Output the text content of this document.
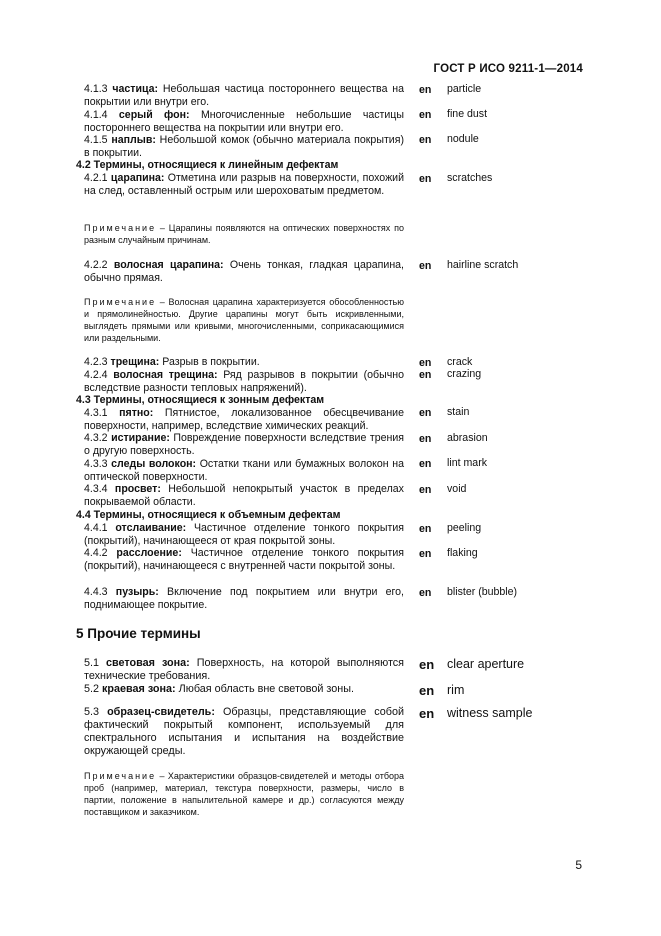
ГОСТ Р ИСО 9211-1—2014
4.1.3 частица: Небольшая частица постороннего вещества на покрытии или внутри его.
en particle
4.1.4 серый фон: Многочисленные небольшие частицы постороннего вещества на покрытии или внутри его.
en fine dust
4.1.5 наплыв: Небольшой комок (обычно материала покрытия) в покрытии.
en nodule
4.2 Термины, относящиеся к линейным дефектам
4.2.1 царапина: Отметина или разрыв на поверхности, похожий на след, оставленный острым или шероховатым предметом.
en scratches
Примечание – Царапины появляются на оптических поверхностях по разным случайным причинам.
4.2.2 волосная царапина: Очень тонкая, гладкая царапина, обычно прямая.
en hairline scratch
Примечание – Волосная царапина характеризуется обособленностью и прямолинейностью. Другие царапины могут быть искривленными, выглядеть прямыми или кривыми, многочисленными, соприкасающимися или раздельными.
4.2.3 трещина: Разрыв в покрытии.	en crack
4.2.4 волосная трещина: Ряд разрывов в покрытии (обычно вследствие разности тепловых напряжений).
en crazing
4.3 Термины, относящиеся к зонным дефектам
4.3.1 пятно: Пятнистое, локализованное обесцвечивание поверхности, например, вследствие химических реакций.
en stain
4.3.2 истирание: Повреждение поверхности вследствие трения о другую поверхность.
en abrasion
4.3.3 следы волокон: Остатки ткани или бумажных волокон на оптической поверхности.
en lint mark
4.3.4 просвет: Небольшой непокрытый участок в пределах покрываемой области.
en void
4.4 Термины, относящиеся к объемным дефектам
4.4.1 отслаивание: Частичное отделение тонкого покрытия (покрытий), начинающееся от края покрытой зоны.
en peeling
4.4.2 расслоение: Частичное отделение тонкого покрытия (покрытий), начинающееся с внутренней части покрытой зоны.
en flaking
4.4.3 пузырь: Включение под покрытием или внутри его, поднимающее покрытие.
en blister (bubble)
5 Прочие термины
5.1 световая зона: Поверхность, на которой выполняются технические требования.
en clear aperture
5.2 краевая зона: Любая область вне световой зоны.	en rim
5.3 образец-свидетель: Образцы, представляющие собой фактический покрытый компонент, используемый для спектрального испытания и испытания на воздействие окружающей среды.
en witness sample
Примечание – Характеристики образцов-свидетелей и методы отбора проб (например, материал, текстура поверхности, размеры, число в партии, положение в напылительной камере и др.) согласуются между поставщиком и заказчиком.
5
